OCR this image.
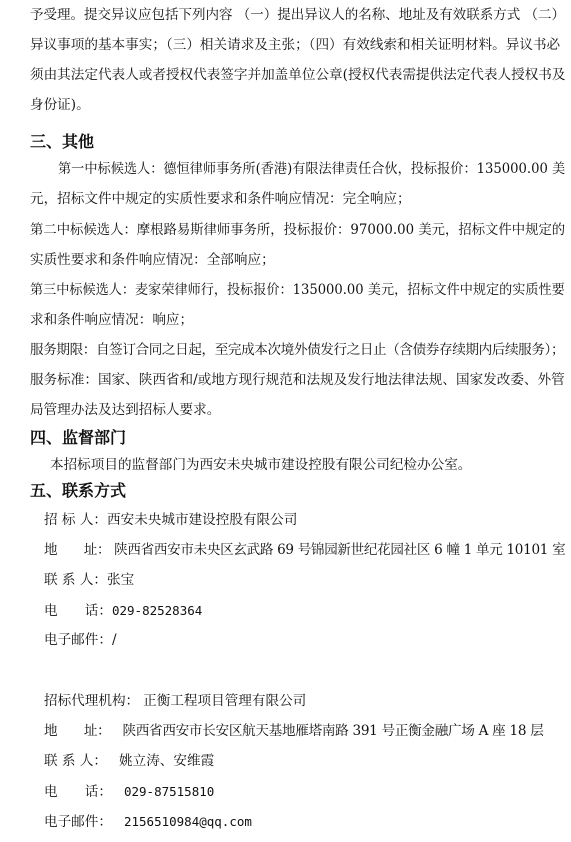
予受理。提交异议应包括下列内容 （一）提出异议人的名称、地址及有效联系方式 （二）
异议事项的基本事实；（三）相关请求及主张；（四）有效线索和相关证明材料。异议书必
须由其法定代表人或者授权代表签字并加盖单位公章(授权代表需提供法定代表人授权书及
身份证)。
三、其他
第一中标候选人：德恒律师事务所(香港)有限法律责任合伙，投标报价：135000.00 美
元，招标文件中规定的实质性要求和条件响应情况：完全响应；
第二中标候选人：摩根路易斯律师事务所，投标报价：97000.00 美元，招标文件中规定的
实质性要求和条件响应情况：全部响应；
第三中标候选人：麦家荣律师行，投标报价：135000.00 美元，招标文件中规定的实质性要
求和条件响应情况：响应；
服务期限：自签订合同之日起，至完成本次境外债发行之日止（含债券存续期内后续服务）；
服务标准：国家、陕西省和/或地方现行规范和法规及发行地法律法规、国家发改委、外管
局管理办法及达到招标人要求。
四、监督部门
本招标项目的监督部门为西安未央城市建设控股有限公司纪检办公室。
五、联系方式
招 标 人：西安未央城市建设控股有限公司
地　　址： 陕西省西安市未央区玄武路 69 号锦园新世纪花园社区 6 幢 1 单元 10101 室
联 系 人：张宝
电　　话：029-82528364
电子邮件：/
招标代理机构： 正衡工程项目管理有限公司
地　　址： 陕西省西安市长安区航天基地雁塔南路 391 号正衡金融广场 A 座 18 层
联 系 人： 姚立涛、安维霞
电　　话： 029-87515810
电子邮件： 2156510984@qq.com
